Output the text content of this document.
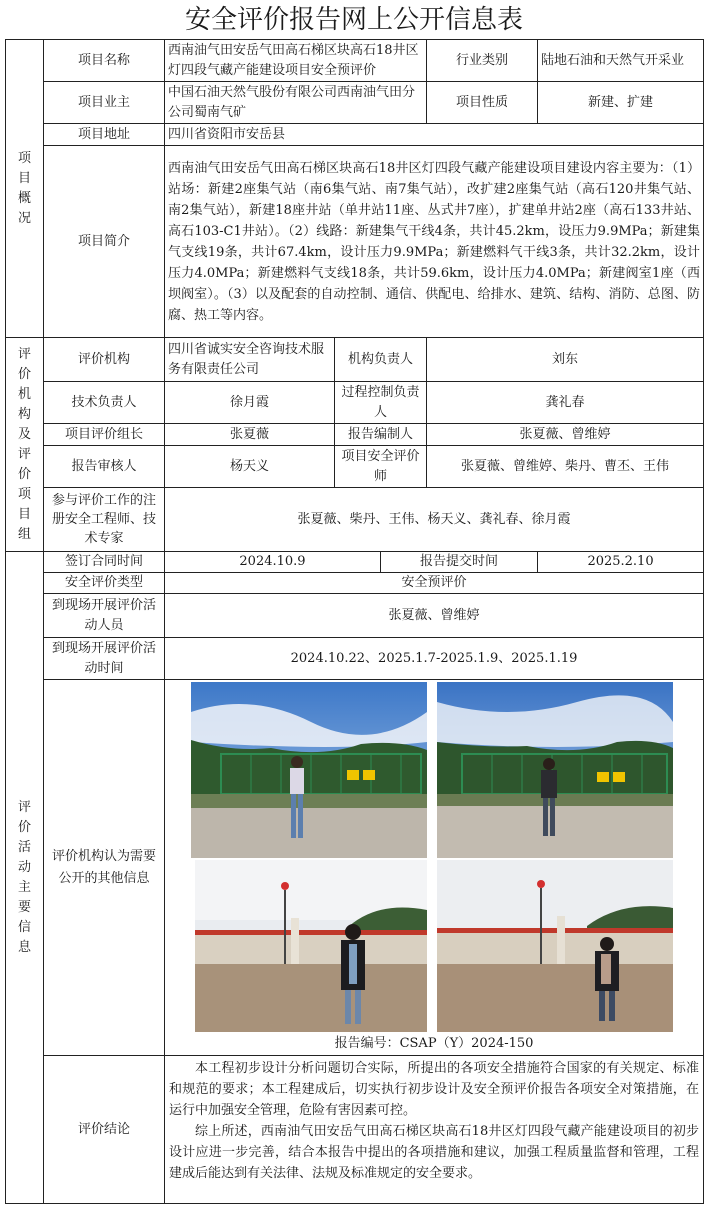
安全评价报告网上公开信息表
项目概况	项目名称	西南油气田安岳气田高石梯区块高石18井区灯四段气藏产能建设项目安全预评价			行业类别	陆地石油和天然气开采业
	项目业主	中国石油天然气股份有限公司西南油气田分公司蜀南气矿			项目性质	新建、扩建
	项目地址	四川省资阳市安岳县				
	项目简介	西南油气田安岳气田高石梯区块高石18井区灯四段气藏产能建设项目建设内容主要为：（1）站场：新建2座集气站（南6集气站、南7集气站），改扩建2座集气站（高石120井集气站、南2集气站），新建18座井站（单井站11座、丛式井7座），扩建单井站2座（高石133井站、高石103-C1井站）。（2）线路：新建集气干线4条，共计45.2km，设压力9.9MPa；新建集气支线19条，共计67.4km，设计压力9.9MPa；新建燃料气干线3条，共计32.2km，设计压力4.0MPa；新建燃料气支线18条，共计59.6km，设计压力4.0MPa；新建阀室1座（西坝阀室）。（3）以及配套的自动控制、通信、供配电、给排水、建筑、结构、消防、总图、防腐、热工等内容。				
评价机构及评价项目组	评价机构	四川省诚实安全咨询技术服务有限责任公司	机构负责人		刘东	
	技术负责人	徐月霞	过程控制负责人		龚礼春	
	项目评价组长	张夏薇	报告编制人		张夏薇、曾维婷	
	报告审核人	杨天义	项目安全评价师		张夏薇、曾维婷、柴丹、曹丕、王伟	
	参与评价工作的注册安全工程师、技术专家	张夏薇、柴丹、王伟、杨天义、龚礼春、徐月霞				
评价活动主要信息	签订合同时间	2024.10.9		报告提交时间		2025.2.10
	安全评价类型	安全预评价				
	到现场开展评价活动人员	张夏薇、曾维婷				
	到现场开展评价活动时间	2024.10.22、2025.1.7-2025.1.9、2025.1.19				
	评价机构认为需要公开的其他信息	报告编号：CSAP（Y）2024-150				

	评价结论	本工程初步设计分析问题切合实际，所提出的各项安全措施符合国家的有关规定、标准和规范的要求；本工程建成后，切实执行初步设计及安全预评价报告各项安全对策措施，在运行中加强安全管理，危险有害因素可控。

综上所述，西南油气田安岳气田高石梯区块高石18井区灯四段气藏产能建设项目的初步设计应进一步完善，结合本报告中提出的各项措施和建议，加强工程质量监督和管理，工程建成后能达到有关法律、法规及标准规定的安全要求。				
